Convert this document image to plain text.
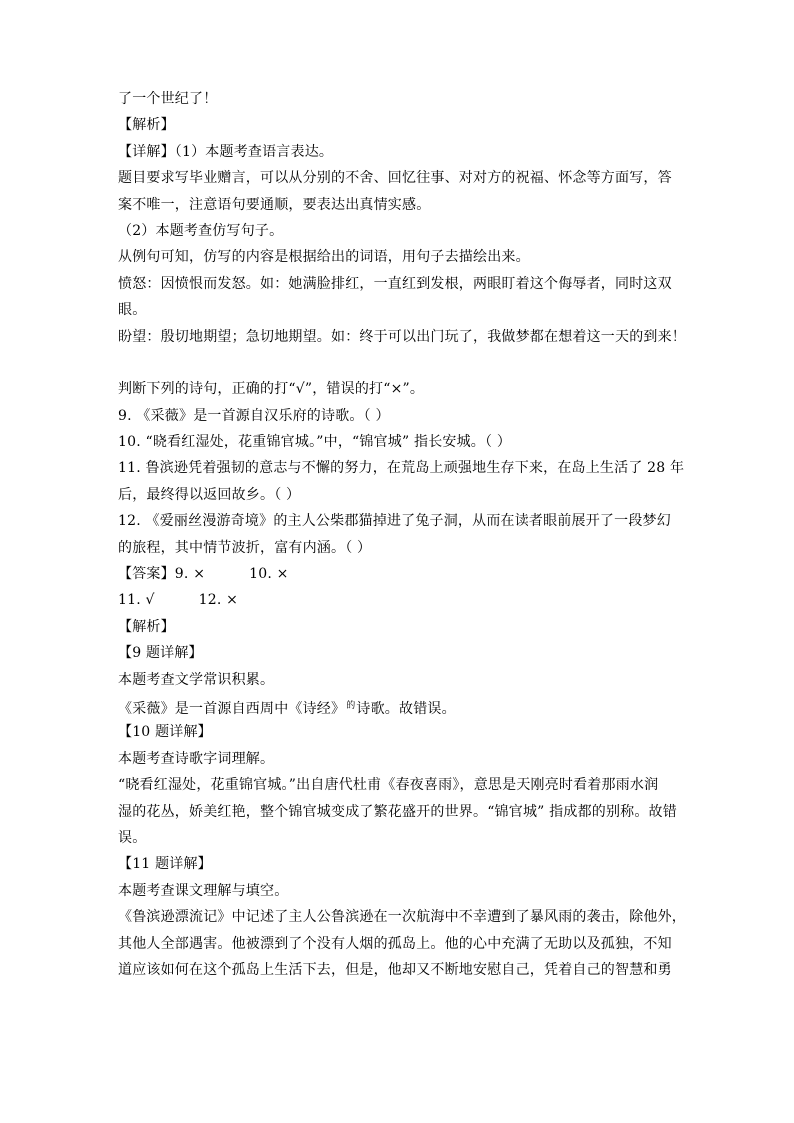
了一个世纪了！
【解析】
【详解】（1）本题考查语言表达。
题目要求写毕业赠言，可以从分别的不舍、回忆往事、对对方的祝福、怀念等方面写，答
案不唯一，注意语句要通顺，要表达出真情实感。
（2）本题考查仿写句子。
从例句可知，仿写的内容是根据给出的词语，用句子去描绘出来。
愤怒：因愤恨而发怒。如：她满脸排红，一直红到发根，两眼盯着这个侮辱者，同时这双
眼。
盼望：殷切地期望；急切地期望。如：终于可以出门玩了，我做梦都在想着这一天的到来！
判断下列的诗句，正确的打“√”，错误的打“×”。
9. 《采薇》是一首源自汉乐府的诗歌。（ ）
10. “晓看红湿处，花重锦官城。”中，“锦官城” 指长安城。（ ）
11. 鲁滨逊凭着强韧的意志与不懈的努力，在荒岛上顽强地生存下来，在岛上生活了 28 年
后，最终得以返回故乡。（ ）
12. 《爱丽丝漫游奇境》的主人公柴郡猫掉进了兔子洞，从而在读者眼前展开了一段梦幻
的旅程，其中情节波折，富有内涵。（ ）
【答案】9. ×	10. ×
11. √	12. ×
【解析】
【9 题详解】
本题考查文学常识积累。
《采薇》是一首源自西周中《诗经》$^的$诗歌。故错误。
【10 题详解】
本题考查诗歌字词理解。
“晓看红湿处，花重锦官城。”出自唐代杜甫《春夜喜雨》，意思是天刚亮时看着那雨水润
湿的花丛，娇美红艳，整个锦官城变成了繁花盛开的世界。“锦官城” 指成都的别称。故错
误。
【11 题详解】
本题考查课文理解与填空。
《鲁滨逊漂流记》中记述了主人公鲁滨逊在一次航海中不幸遭到了暴风雨的袭击，除他外，
其他人全部遇害。他被漂到了个没有人烟的孤岛上。他的心中充满了无助以及孤独，不知
道应该如何在这个孤岛上生活下去，但是，他却又不断地安慰自己，凭着自己的智慧和勇
